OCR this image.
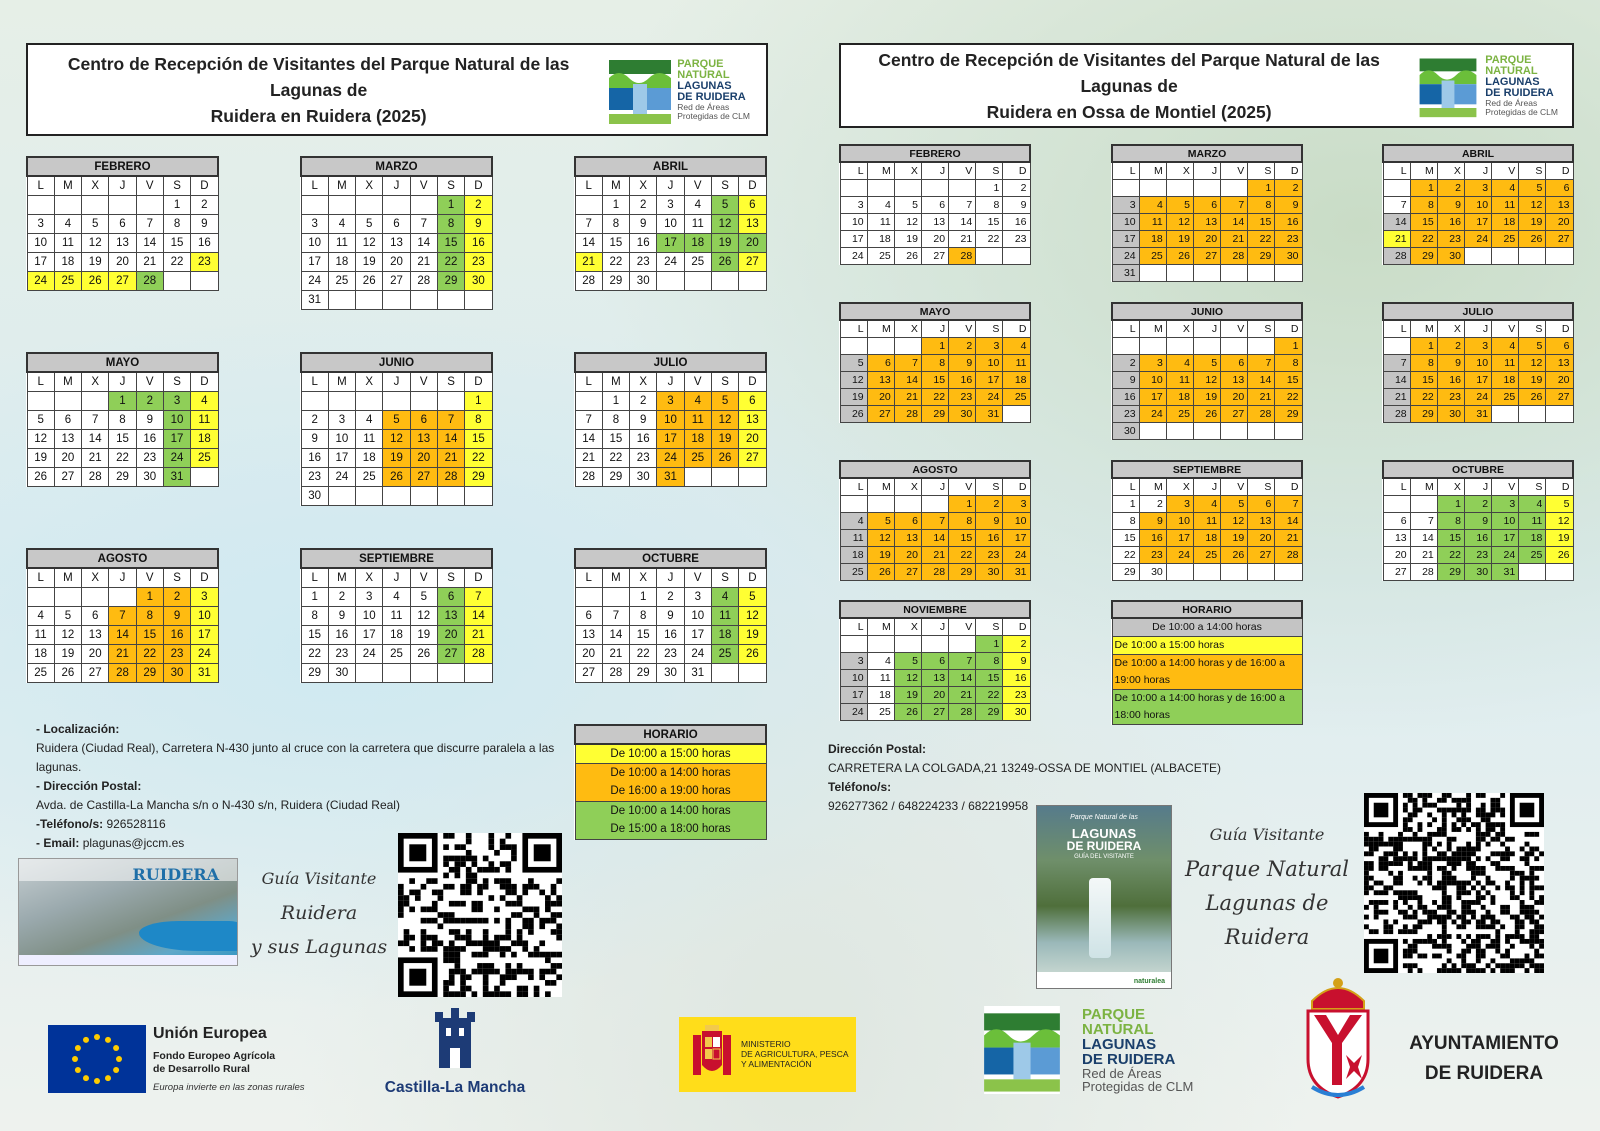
Centro de Recepción de Visitantes del Parque Natural de las Lagunas de
Ruidera en Ruidera (2025)
PARQUE
NATURAL
LAGUNAS
DE RUIDERA
Red de Áreas
Protegidas de CLM
Centro de Recepción de Visitantes del Parque Natural de las Lagunas de
Ruidera en Ossa de Montiel (2025)
PARQUE
NATURAL
LAGUNAS
DE RUIDERA
Red de Áreas
Protegidas de CLM
FEBRERO						
L	M	X	J	V	S	D
					1	2
3	4	5	6	7	8	9
10	11	12	13	14	15	16
17	18	19	20	21	22	23
24	25	26	27	28		
MARZO						
L	M	X	J	V	S	D
					1	2
3	4	5	6	7	8	9
10	11	12	13	14	15	16
17	18	19	20	21	22	23
24	25	26	27	28	29	30
31						
ABRIL						
L	M	X	J	V	S	D
	1	2	3	4	5	6
7	8	9	10	11	12	13
14	15	16	17	18	19	20
21	22	23	24	25	26	27
28	29	30				
MAYO						
L	M	X	J	V	S	D
			1	2	3	4
5	6	7	8	9	10	11
12	13	14	15	16	17	18
19	20	21	22	23	24	25
26	27	28	29	30	31	
JUNIO						
L	M	X	J	V	S	D
						1
2	3	4	5	6	7	8
9	10	11	12	13	14	15
16	17	18	19	20	21	22
23	24	25	26	27	28	29
30						
JULIO						
L	M	X	J	V	S	D
	1	2	3	4	5	6
7	8	9	10	11	12	13
14	15	16	17	18	19	20
21	22	23	24	25	26	27
28	29	30	31			
AGOSTO						
L	M	X	J	V	S	D
				1	2	3
4	5	6	7	8	9	10
11	12	13	14	15	16	17
18	19	20	21	22	23	24
25	26	27	28	29	30	31
SEPTIEMBRE						
L	M	X	J	V	S	D
1	2	3	4	5	6	7
8	9	10	11	12	13	14
15	16	17	18	19	20	21
22	23	24	25	26	27	28
29	30					
OCTUBRE						
L	M	X	J	V	S	D
		1	2	3	4	5
6	7	8	9	10	11	12
13	14	15	16	17	18	19
20	21	22	23	24	25	26
27	28	29	30	31		
FEBRERO						
L	M	X	J	V	S	D
					1	2
3	4	5	6	7	8	9
10	11	12	13	14	15	16
17	18	19	20	21	22	23
24	25	26	27	28		
MARZO						
L	M	X	J	V	S	D
					1	2
3	4	5	6	7	8	9
10	11	12	13	14	15	16
17	18	19	20	21	22	23
24	25	26	27	28	29	30
31						
ABRIL						
L	M	X	J	V	S	D
	1	2	3	4	5	6
7	8	9	10	11	12	13
14	15	16	17	18	19	20
21	22	23	24	25	26	27
28	29	30				
MAYO						
L	M	X	J	V	S	D
			1	2	3	4
5	6	7	8	9	10	11
12	13	14	15	16	17	18
19	20	21	22	23	24	25
26	27	28	29	30	31	
JUNIO						
L	M	X	J	V	S	D
						1
2	3	4	5	6	7	8
9	10	11	12	13	14	15
16	17	18	19	20	21	22
23	24	25	26	27	28	29
30						
JULIO						
L	M	X	J	V	S	D
	1	2	3	4	5	6
7	8	9	10	11	12	13
14	15	16	17	18	19	20
21	22	23	24	25	26	27
28	29	30	31			
AGOSTO						
L	M	X	J	V	S	D
				1	2	3
4	5	6	7	8	9	10
11	12	13	14	15	16	17
18	19	20	21	22	23	24
25	26	27	28	29	30	31
SEPTIEMBRE						
L	M	X	J	V	S	D
1	2	3	4	5	6	7
8	9	10	11	12	13	14
15	16	17	18	19	20	21
22	23	24	25	26	27	28
29	30					
OCTUBRE						
L	M	X	J	V	S	D
		1	2	3	4	5
6	7	8	9	10	11	12
13	14	15	16	17	18	19
20	21	22	23	24	25	26
27	28	29	30	31		
NOVIEMBRE						
L	M	X	J	V	S	D
					1	2
3	4	5	6	7	8	9
10	11	12	13	14	15	16
17	18	19	20	21	22	23
24	25	26	27	28	29	30
HORARIO
De 10:00 a 15:00 horas
De 10:00 a 14:00 horas
De 16:00 a 19:00 horas
De 10:00 a 14:00 horas
De 15:00 a 18:00 horas
HORARIO
De 10:00 a 14:00 horas
De 10:00 a 15:00 horas
De 10:00 a 14:00 horas y de 16:00 a 19:00 horas
De 10:00 a 14:00 horas y de 16:00 a 18:00 horas
- Localización:
Ruidera (Ciudad Real), Carretera N-430 junto al cruce con la carretera que discurre paralela a las lagunas.
- Dirección Postal:
Avda. de Castilla-La Mancha s/n o N-430 s/n, Ruidera (Ciudad Real)
-Teléfono/s: 926528116
- Email: plagunas@jccm.es
Dirección Postal:
CARRETERA LA COLGADA,21 13249-OSSA DE MONTIEL (ALBACETE)
Teléfono/s:
926277362 / 648224233 / 682219958
RUIDERA	Guía Visitante
Ruidera
y sus Lagunas
Parque Natural de las
LAGUNAS
DE RUIDERA
GUÍA DEL VISITANTE
naturalea
Guía Visitante
Parque Natural
Lagunas de Ruidera
Unión Europea
Fondo Europeo Agrícola
de Desarrollo Rural
Europa invierte en las zonas rurales	Castilla-La Mancha
MINISTERIO
DE AGRICULTURA, PESCA
Y ALIMENTACIÓN
PARQUE
NATURAL
LAGUNAS
DE RUIDERA
Red de Áreas
Protegidas de CLM
AYUNTAMIENTO
DE RUIDERA
